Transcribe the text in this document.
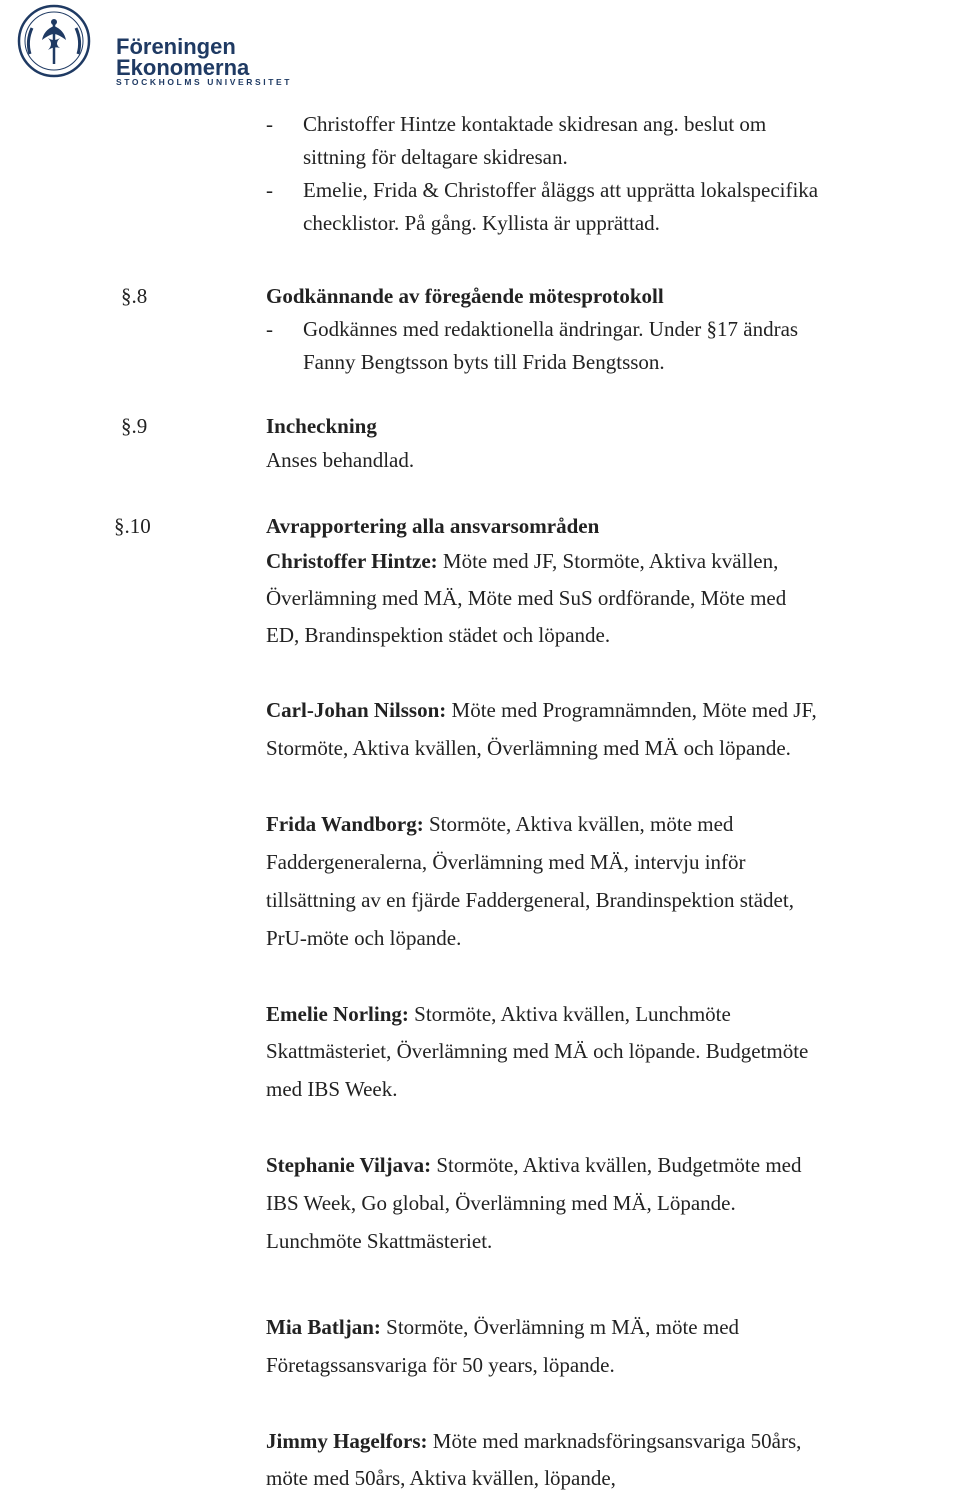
Föreningen
Ekonomerna
STOCKHOLMS UNIVERSITET
- Christoffer Hintze kontaktade skidresan ang. beslut om
sittning för deltagare skidresan.
- Emelie, Frida & Christoffer åläggs att upprätta lokalspecifika
checklistor. På gång. Kyllista är upprättad.
§.8	Godkännande av föregående mötesprotokoll
- Godkännes med redaktionella ändringar. Under §17 ändras
Fanny Bengtsson byts till Frida Bengtsson.
§.9	Incheckning
Anses behandlad.
§.10	Avrapportering alla ansvarsområden
Christoffer Hintze: Möte med JF, Stormöte, Aktiva kvällen,
Överlämning med MÄ, Möte med SuS ordförande, Möte med
ED, Brandinspektion städet och löpande.
Carl-Johan Nilsson: Möte med Programnämnden, Möte med JF,
Stormöte, Aktiva kvällen, Överlämning med MÄ och löpande.
Frida Wandborg: Stormöte, Aktiva kvällen, möte med
Faddergeneralerna, Överlämning med MÄ, intervju inför
tillsättning av en fjärde Faddergeneral, Brandinspektion städet,
PrU-möte och löpande.
Emelie Norling: Stormöte, Aktiva kvällen, Lunchmöte
Skattmästeriet, Överlämning med MÄ och löpande. Budgetmöte
med IBS Week.
Stephanie Viljava: Stormöte, Aktiva kvällen, Budgetmöte med
IBS Week, Go global, Överlämning med MÄ, Löpande.
Lunchmöte Skattmästeriet.
Mia Batljan: Stormöte, Överlämning m MÄ, möte med
Företagssansvariga för 50 years, löpande.
Jimmy Hagelfors: Möte med marknadsföringsansvariga 50års,
möte med 50års, Aktiva kvällen, löpande,
